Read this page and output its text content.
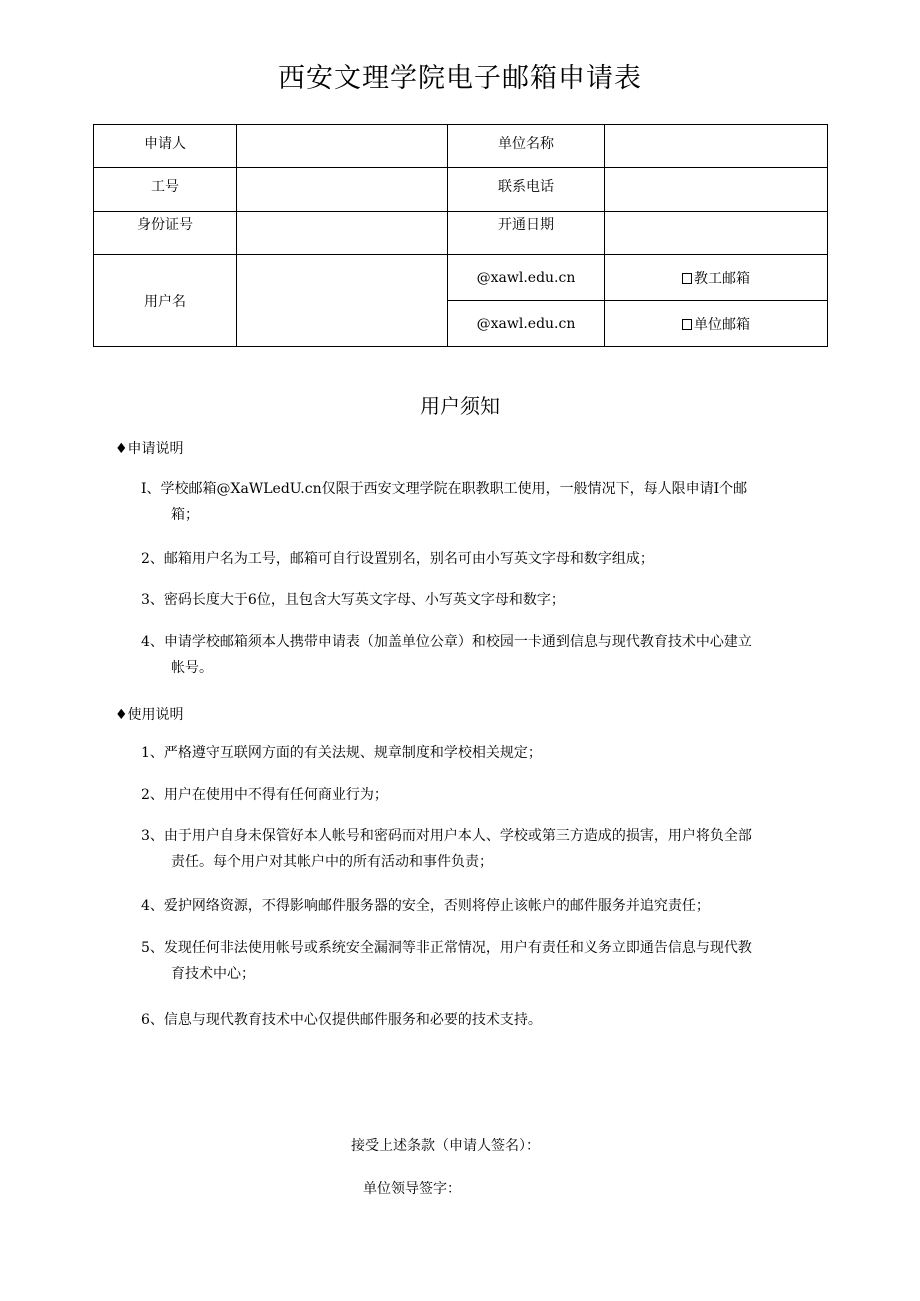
西安文理学院电子邮箱申请表
申请人		单位名称	
工号		联系电话	
身份证号		开通日期	
用户名		@xawl.edu.cn	教工邮箱
		@xawl.edu.cn	单位邮箱
用户须知
♦申请说明
I、学校邮箱@XaWLedU.cn仅限于西安文理学院在职教职工使用，一般情况下，每人限申请I个邮
箱；
2、邮箱用户名为工号，邮箱可自行设置别名，别名可由小写英文字母和数字组成；
3、密码长度大于6位，且包含大写英文字母、小写英文字母和数字；
4、申请学校邮箱须本人携带申请表（加盖单位公章）和校园一卡通到信息与现代教育技术中心建立
帐号。
♦使用说明
1、严格遵守互联网方面的有关法规、规章制度和学校相关规定；
2、用户在使用中不得有任何商业行为；
3、由于用户自身未保管好本人帐号和密码而对用户本人、学校或第三方造成的损害，用户将负全部
责任。每个用户对其帐户中的所有活动和事件负责；
4、爱护网络资源，不得影响邮件服务器的安全，否则将停止该帐户的邮件服务并追究责任；
5、发现任何非法使用帐号或系统安全漏洞等非正常情况，用户有责任和义务立即通告信息与现代教
育技术中心；
6、信息与现代教育技术中心仅提供邮件服务和必要的技术支持。
接受上述条款（申请人签名）：
单位领导签字：
